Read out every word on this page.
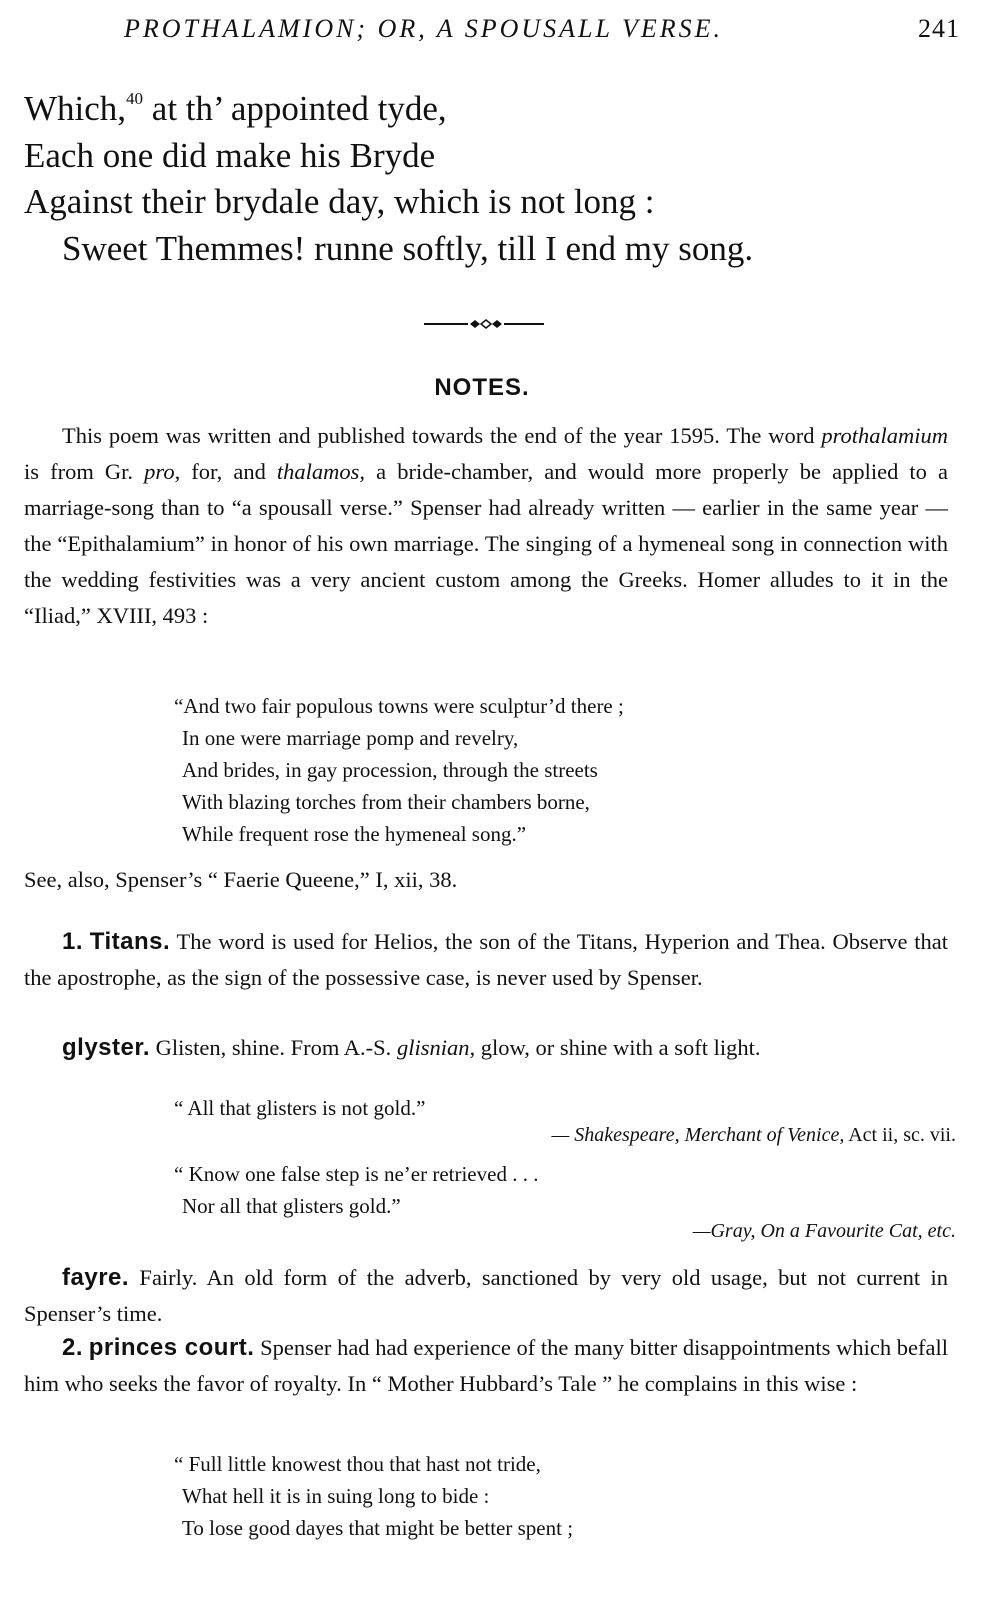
PROTHALAMION; OR, A SPOUSALL VERSE.	241
Which,$^{40}$ at th’ appointed tyde,
Each one did make his Bryde
Against their brydale day, which is not long :
Sweet Themmes! runne softly, till I end my song.
NOTES.

This poem was written and published towards the end of the year 1595. The word prothalamium is from Gr. pro, for, and thalamos, a bride-chamber, and would more properly be applied to a marriage-song than to “a spousall verse.” Spenser had already written — earlier in the same year — the “Epithalamium” in honor of his own marriage. The singing of a hymeneal song in connection with the wedding festivities was a very ancient custom among the Greeks. Homer alludes to it in the “Iliad,” XVIII, 493 :

“And two fair populous towns were sculptur’d there ;
In one were marriage pomp and revelry,
And brides, in gay procession, through the streets
With blazing torches from their chambers borne,
While frequent rose the hymeneal song.”

See, also, Spenser’s “ Faerie Queene,” I, xii, 38.

1. Titans. The word is used for Helios, the son of the Titans, Hyperion and Thea. Observe that the apostrophe, as the sign of the possessive case, is never used by Spenser.

glyster. Glisten, shine. From A.-S. glisnian, glow, or shine with a soft light.

“ All that glisters is not gold.”
— Shakespeare, Merchant of Venice, Act ii, sc. vii.
“ Know one false step is ne’er retrieved . . .
Nor all that glisters gold.”
—Gray, On a Favourite Cat, etc.

fayre. Fairly. An old form of the adverb, sanctioned by very old usage, but not current in Spenser’s time.

2. princes court. Spenser had had experience of the many bitter disappointments which befall him who seeks the favor of royalty. In “ Mother Hubbard’s Tale ” he complains in this wise :

“ Full little knowest thou that hast not tride,
What hell it is in suing long to bide :
To lose good dayes that might be better spent ;
